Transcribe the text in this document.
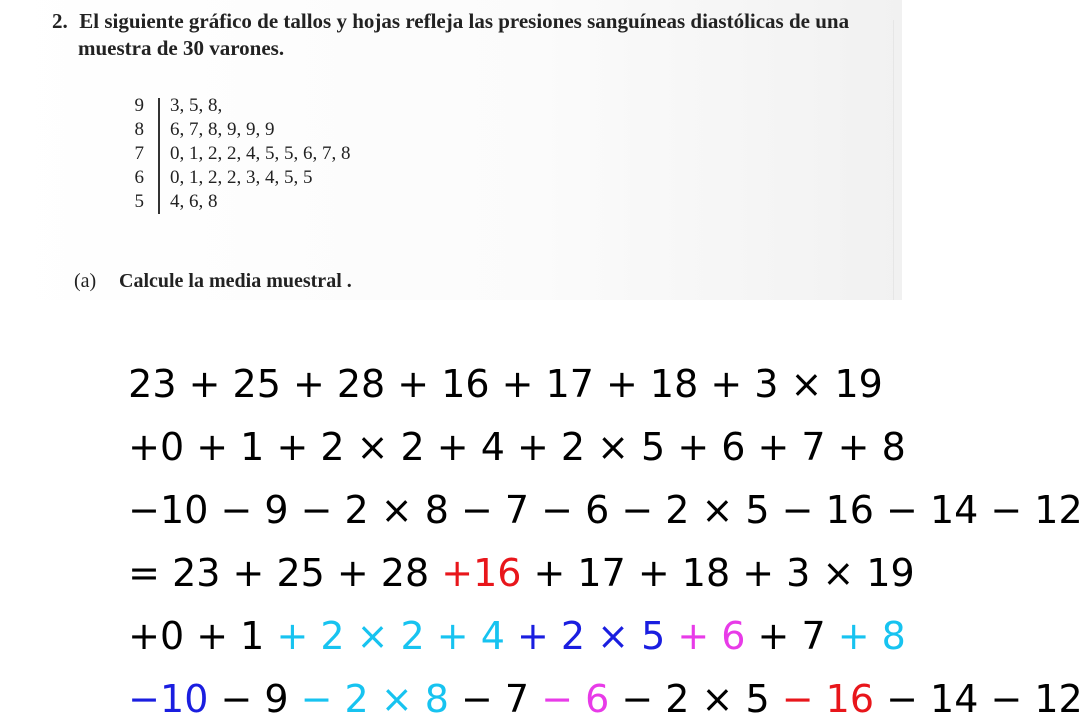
2. El siguiente gráfico de tallos y hojas refleja las presiones sanguíneas diastólicas de una
muestra de 30 varones.
9	3, 5, 8,
8	6, 7, 8, 9, 9, 9
7	0, 1, 2, 2, 4, 5, 5, 6, 7, 8
6	0, 1, 2, 2, 3, 4, 5, 5
5	4, 6, 8
(a) Calcule la media muestral .

23 + 25 + 28 + 16 + 17 + 18 + 3 × 19

+0 + 1 + 2 × 2 + 4 + 2 × 5 + 6 + 7 + 8

−10 − 9 − 2 × 8 − 7 − 6 − 2 × 5 − 16 − 14 − 12

= 23 + 25 + 28 +16 + 17 + 18 + 3 × 19

+0 + 1 + 2 × 2 + 4 + 2 × 5 + 6 + 7 + 8

−10 − 9 − 2 × 8 − 7 − 6 − 2 × 5 − 16 − 14 − 12
